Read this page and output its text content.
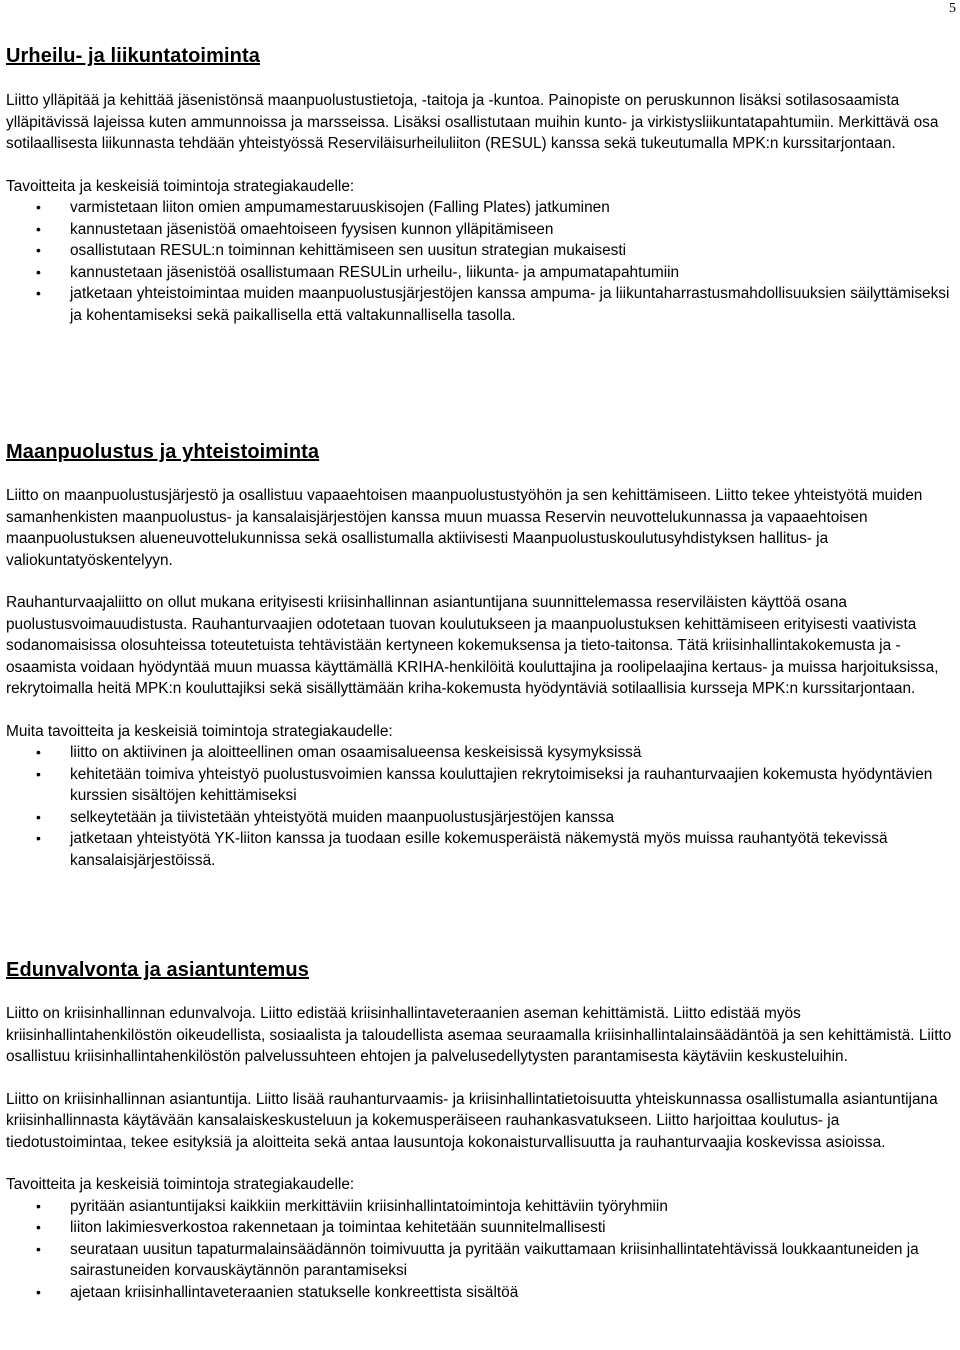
5
Urheilu- ja liikuntatoiminta

Liitto ylläpitää ja kehittää jäsenistönsä maanpuolustustietoja, -taitoja ja -kuntoa. Painopiste on peruskunnon lisäksi sotilasosaamista ylläpitävissä lajeissa kuten ammunnoissa ja marsseissa. Lisäksi osallistutaan muihin kunto- ja virkistysliikuntatapahtumiin. Merkittävä osa sotilaallisesta liikunnasta tehdään yhteistyössä Reserviläisurheiluliiton (RESUL) kanssa sekä tukeutumalla MPK:n kurssitarjontaan.

Tavoitteita ja keskeisiä toimintoja strategiakaudelle:

• varmistetaan liiton omien ampumamestaruuskisojen (Falling Plates) jatkuminen
• kannustetaan jäsenistöä omaehtoiseen fyysisen kunnon ylläpitämiseen
• osallistutaan RESUL:n toiminnan kehittämiseen sen uusitun strategian mukaisesti
• kannustetaan jäsenistöä osallistumaan RESULin urheilu-, liikunta- ja ampumatapahtumiin
• jatketaan yhteistoimintaa muiden maanpuolustusjärjestöjen kanssa ampuma- ja liikuntaharrastusmahdollisuuksien säilyttämiseksi ja kohentamiseksi sekä paikallisella että valtakunnallisella tasolla.
Maanpuolustus ja yhteistoiminta

Liitto on maanpuolustusjärjestö ja osallistuu vapaaehtoisen maanpuolustustyöhön ja sen kehittämiseen. Liitto tekee yhteistyötä muiden samanhenkisten maanpuolustus- ja kansalaisjärjestöjen kanssa muun muassa Reservin neuvottelukunnassa ja vapaaehtoisen maanpuolustuksen alueneuvottelukunnissa sekä osallistumalla aktiivisesti Maanpuolustuskoulutusyhdistyksen hallitus- ja valiokuntatyöskentelyyn.

Rauhanturvaajaliitto on ollut mukana erityisesti kriisinhallinnan asiantuntijana suunnittelemassa reserviläisten käyttöä osana puolustusvoimauudistusta. Rauhanturvaajien odotetaan tuovan koulutukseen ja maanpuolustuksen kehittämiseen erityisesti vaativista sodanomaisissa olosuhteissa toteutetuista tehtävistään kertyneen kokemuksensa ja tieto-taitonsa. Tätä kriisinhallintakokemusta ja -osaamista voidaan hyödyntää muun muassa käyttämällä KRIHA-henkilöitä kouluttajina ja roolipelaajina kertaus- ja muissa harjoituksissa, rekrytoimalla heitä MPK:n kouluttajiksi sekä sisällyttämään kriha-kokemusta hyödyntäviä sotilaallisia kursseja MPK:n kurssitarjontaan.

Muita tavoitteita ja keskeisiä toimintoja strategiakaudelle:

• liitto on aktiivinen ja aloitteellinen oman osaamisalueensa keskeisissä kysymyksissä
• kehitetään toimiva yhteistyö puolustusvoimien kanssa kouluttajien rekrytoimiseksi ja rauhanturvaajien kokemusta hyödyntävien kurssien sisältöjen kehittämiseksi
• selkeytetään ja tiivistetään yhteistyötä muiden maanpuolustusjärjestöjen kanssa
• jatketaan yhteistyötä YK-liiton kanssa ja tuodaan esille kokemusperäistä näkemystä myös muissa rauhantyötä tekevissä kansalaisjärjestöissä.
Edunvalvonta ja asiantuntemus

Liitto on kriisinhallinnan edunvalvoja. Liitto edistää kriisinhallintaveteraanien aseman kehittämistä. Liitto edistää myös kriisinhallintahenkilöstön oikeudellista, sosiaalista ja taloudellista asemaa seuraamalla kriisinhallintalainsäädäntöä ja sen kehittämistä. Liitto osallistuu kriisinhallintahenkilöstön palvelussuhteen ehtojen ja palvelusedellytysten parantamisesta käytäviin keskusteluihin.

Liitto on kriisinhallinnan asiantuntija. Liitto lisää rauhanturvaamis- ja kriisinhallintatietoisuutta yhteiskunnassa osallistumalla asiantuntijana kriisinhallinnasta käytävään kansalaiskeskusteluun ja kokemusperäiseen rauhankasvatukseen. Liitto harjoittaa koulutus- ja tiedotustoimintaa, tekee esityksiä ja aloitteita sekä antaa lausuntoja kokonaisturvallisuutta ja rauhanturvaajia koskevissa asioissa.

Tavoitteita ja keskeisiä toimintoja strategiakaudelle:

• pyritään asiantuntijaksi kaikkiin merkittäviin kriisinhallintatoimintoja kehittäviin työryhmiin
• liiton lakimiesverkostoa rakennetaan ja toimintaa kehitetään suunnitelmallisesti
• seurataan uusitun tapaturmalainsäädännön toimivuutta ja pyritään vaikuttamaan kriisinhallintatehtävissä loukkaantuneiden ja sairastuneiden korvauskäytännön parantamiseksi
• ajetaan kriisinhallintaveteraanien statukselle konkreettista sisältöä
